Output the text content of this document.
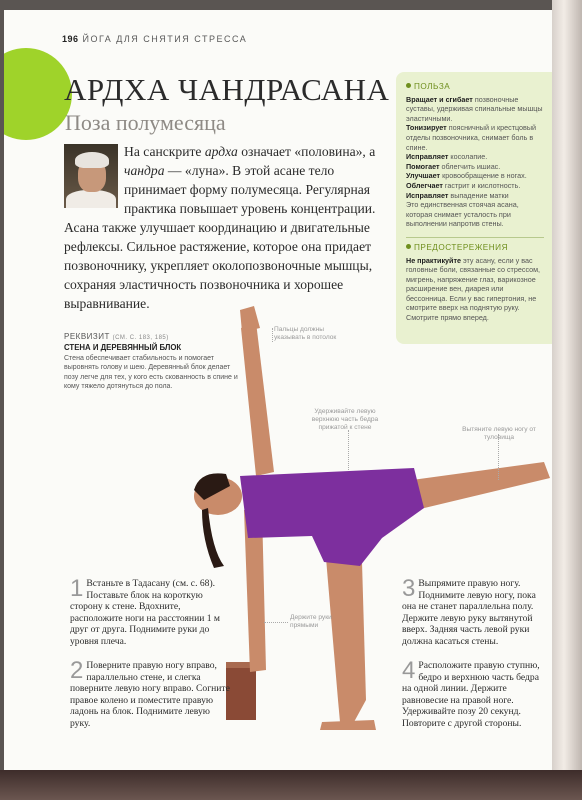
196 ЙОГА ДЛЯ СНЯТИЯ СТРЕССА
АРДХА ЧАНДРАСАНА
Поза полумесяца
На санскрите ардха означает «половина», а чандра — «луна». В этой асане тело принимает форму полумесяца. Регулярная практика повышает уровень концентрации. Асана также улучшает координацию и двигательные рефлексы. Сильное растяжение, которое она придает позвоночнику, укрепляет околопозвоночные мышцы, сохраняя эластичность позвоночника и хорошее выравнивание.
ПОЛЬЗА
Вращает и сгибает позвоночные суставы, удерживая спинальные мышцы эластичными.
Тонизирует поясничный и крестцовый отделы позвоночника, снимает боль в спине.
Исправляет косолапие.
Помогает облегчить ишиас.
Улучшает кровообращение в ногах.
Облегчает гастрит и кислотность.
Исправляет выпадение матки
Это единственная стоячая асана, которая снимает усталость при выполнении напротив стены.
ПРЕДОСТЕРЕЖЕНИЯ
Не практикуйте эту асану, если у вас головные боли, связанные со стрессом, мигрень, напряжение глаз, варикозное расширение вен, диарея или бессонница. Если у вас гипертония, не смотрите вверх на поднятую руку. Смотрите прямо вперед.
РЕКВИЗИТ (СМ. С. 183, 185)
СТЕНА И ДЕРЕВЯННЫЙ БЛОК
Стена обеспечивает стабильность и помогает выровнять голову и шею. Деревянный блок делает позу легче для тех, у кого есть скованность в спине и кому тяжело дотянуться до пола.
Пальцы должны указывать в потолок
Удерживайте левую верхнюю часть бедра прижатой к стене	Вытяните левую ногу от туловища
Держите руки прямыми
1 Встаньте в Тадасану (см. с. 68). Поставьте блок на короткую сторону к стене. Вдохните, расположите ноги на расстоянии 1 м друг от друга. Поднимите руки до уровня плеча.
2 Поверните правую ногу вправо, параллельно стене, и слегка поверните левую ногу вправо. Согните правое колено и поместите правую ладонь на блок. Поднимите левую руку.
3 Выпрямите правую ногу. Поднимите левую ногу, пока она не станет параллельна полу. Держите левую руку вытянутой вверх. Задняя часть левой руки должна касаться стены.
4 Расположите правую ступню, бедро и верхнюю часть бедра на одной линии. Держите равновесие на правой ноге. Удерживайте позу 20 секунд. Повторите с другой стороны.
